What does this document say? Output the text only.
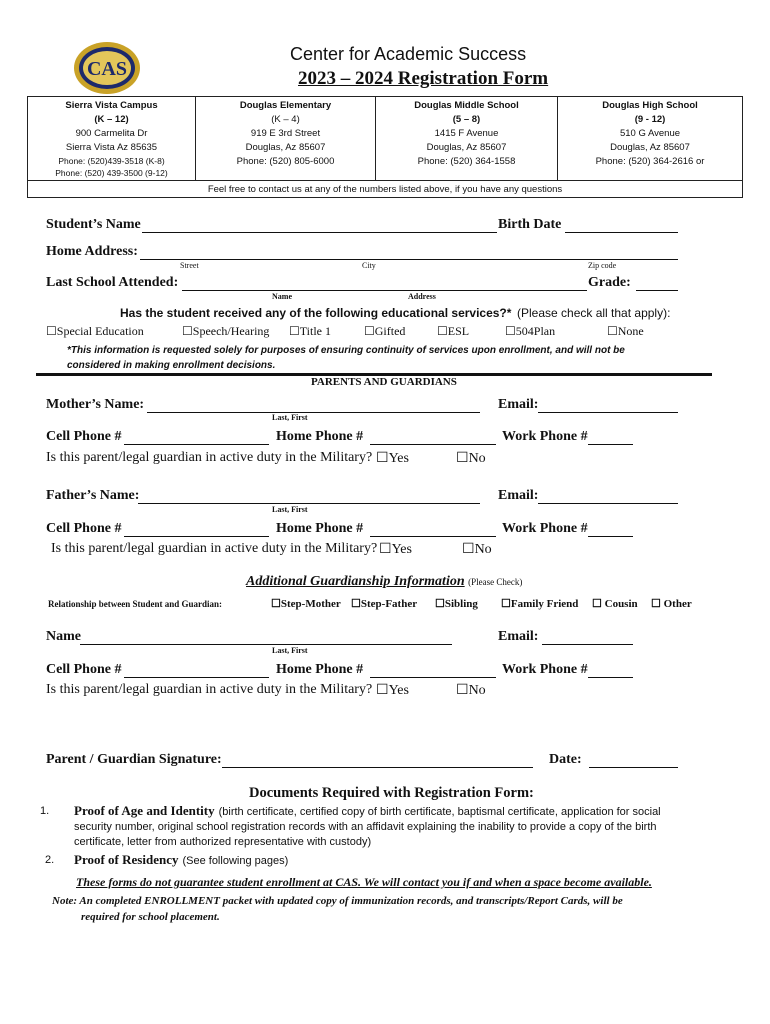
CAS
Center for Academic Success
2023 – 2024 Registration Form
Sierra Vista Campus
(K – 12)
900 Carmelita Dr
Sierra Vista Az 85635
Phone: (520)439-3518 (K-8)
Phone: (520) 439-3500 (9-12)
Douglas Elementary
(K – 4)
919 E 3rd Street
Douglas, Az 85607
Phone: (520) 805-6000
Douglas Middle School
(5 – 8)
1415 F Avenue
Douglas, Az 85607
Phone: (520) 364-1558
Douglas High School
(9 - 12)
510 G Avenue
Douglas, Az 85607
Phone: (520) 364-2616 or
Feel free to contact us at any of the numbers listed above, if you have any questions
Student’s Name	Birth Date
Home Address:
Street	City	Zip code
Last School Attended:	Grade:
Name	Address
Has the student received any of the following educational services?* (Please check all that apply):
☐Special Education	☐Speech/Hearing ☐Title 1	☐Gifted	☐ESL	☐504Plan	☐None
*This information is requested solely for purposes of ensuring continuity of services upon enrollment, and will not be
considered in making enrollment decisions.
PARENTS AND GUARDIANS
Mother’s Name:	Email:
Last, First
Cell Phone #	Home Phone #	Work Phone #
Is this parent/legal guardian in active duty in the Military? ☐Yes	☐No
Father’s Name:	Email:
Last, First
Cell Phone #	Home Phone #	Work Phone #
Is this parent/legal guardian in active duty in the Military? ☐Yes	☐No
Additional Guardianship Information (Please Check)
Relationship between Student and Guardian:	☐Step-Mother ☐Step-Father ☐Sibling ☐Family Friend ☐ Cousin ☐ Other
Name	Email:
Last, First
Cell Phone #	Home Phone #	Work Phone #
Is this parent/legal guardian in active duty in the Military? ☐Yes	☐No
Parent / Guardian Signature:	Date:
Documents Required with Registration Form:
1. Proof of Age and Identity (birth certificate, certified copy of birth certificate, baptismal certificate, application for social
security number, original school registration records with an affidavit explaining the inability to provide a copy of the birth
certificate, letter from authorized representative with custody)
2. Proof of Residency (See following pages)
These forms do not guarantee student enrollment at CAS. We will contact you if and when a space become available.
Note: An completed ENROLLMENT packet with updated copy of immunization records, and transcripts/Report Cards, will be
required for school placement.
